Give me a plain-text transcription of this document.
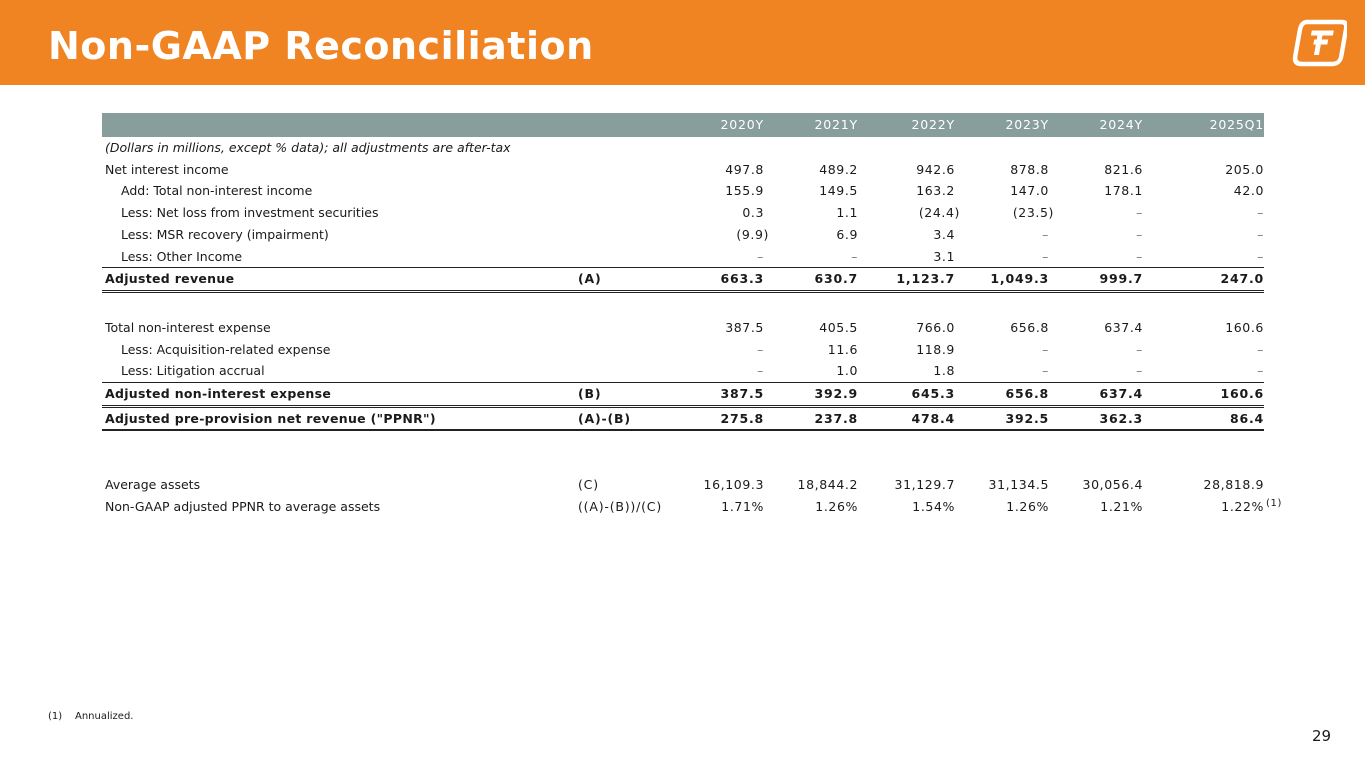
Non-GAAP Reconciliation
		2020Y	2021Y	2022Y	2023Y	2024Y	2025Q1
(Dollars in millions, except % data); all adjustments are after-tax							
Net interest income		497.8	489.2	942.6	878.8	821.6	205.0
Add: Total non-interest income		155.9	149.5	163.2	147.0	178.1	42.0
Less: Net loss from investment securities		0.3	1.1	(24.4)	(23.5)	–	–
Less: MSR recovery (impairment)		(9.9)	6.9	3.4	–	–	–
Less: Other Income		–	–	3.1	–	–	–
Adjusted revenue	(A)	663.3	630.7	1,123.7	1,049.3	999.7	247.0

Total non-interest expense		387.5	405.5	766.0	656.8	637.4	160.6
Less: Acquisition-related expense		–	11.6	118.9	–	–	–
Less: Litigation accrual		–	1.0	1.8	–	–	–
Adjusted non-interest expense	(B)	387.5	392.9	645.3	656.8	637.4	160.6
Adjusted pre-provision net revenue ("PPNR")	(A)-(B)	275.8	237.8	478.4	392.5	362.3	86.4

Average assets	(C)	16,109.3	18,844.2	31,129.7	31,134.5	30,056.4	28,818.9
Non-GAAP adjusted PPNR to average assets	((A)-(B))/(C)	1.71%	1.26%	1.54%	1.26%	1.21%	1.22% (1)
(1) Annualized.
29
